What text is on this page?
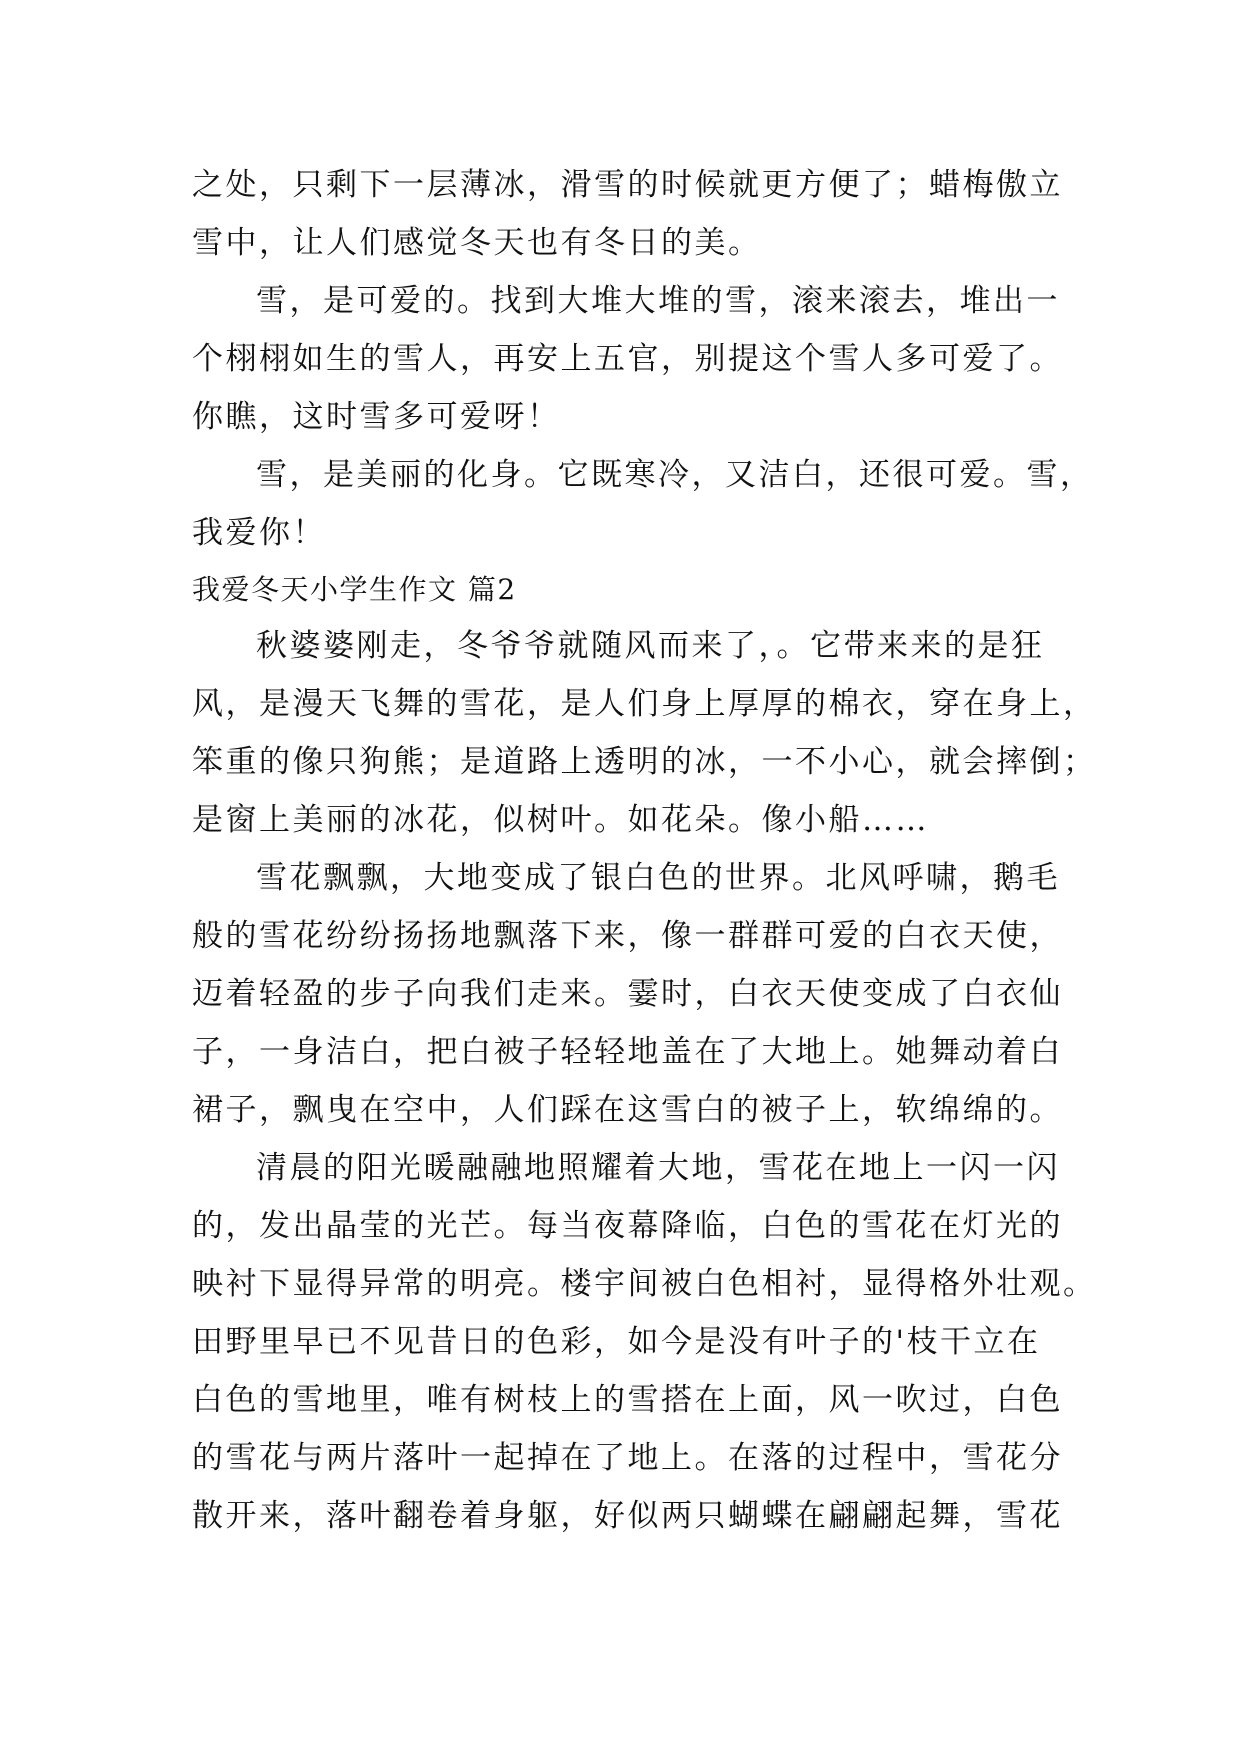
之处，只剩下一层薄冰，滑雪的时候就更方便了；蜡梅傲立
雪中，让人们感觉冬天也有冬日的美。
雪，是可爱的。找到大堆大堆的雪，滚来滚去，堆出一
个栩栩如生的雪人，再安上五官，别提这个雪人多可爱了。
你瞧，这时雪多可爱呀！
雪，是美丽的化身。它既寒冷，又洁白，还很可爱。雪，
我爱你！
我爱冬天小学生作文 篇2
秋婆婆刚走，冬爷爷就随风而来了，。它带来来的是狂
风，是漫天飞舞的雪花，是人们身上厚厚的棉衣，穿在身上，
笨重的像只狗熊；是道路上透明的冰，一不小心，就会摔倒；
是窗上美丽的冰花，似树叶。如花朵。像小船……
雪花飘飘，大地变成了银白色的世界。北风呼啸，鹅毛
般的雪花纷纷扬扬地飘落下来，像一群群可爱的白衣天使，
迈着轻盈的步子向我们走来。霎时，白衣天使变成了白衣仙
子，一身洁白，把白被子轻轻地盖在了大地上。她舞动着白
裙子，飘曳在空中，人们踩在这雪白的被子上，软绵绵的。
清晨的阳光暖融融地照耀着大地，雪花在地上一闪一闪
的，发出晶莹的光芒。每当夜幕降临，白色的雪花在灯光的
映衬下显得异常的明亮。楼宇间被白色相衬，显得格外壮观。
田野里早已不见昔日的色彩，如今是没有叶子的'枝干立在
白色的雪地里，唯有树枝上的雪搭在上面，风一吹过，白色
的雪花与两片落叶一起掉在了地上。在落的过程中，雪花分
散开来，落叶翻卷着身躯，好似两只蝴蝶在翩翩起舞，雪花
